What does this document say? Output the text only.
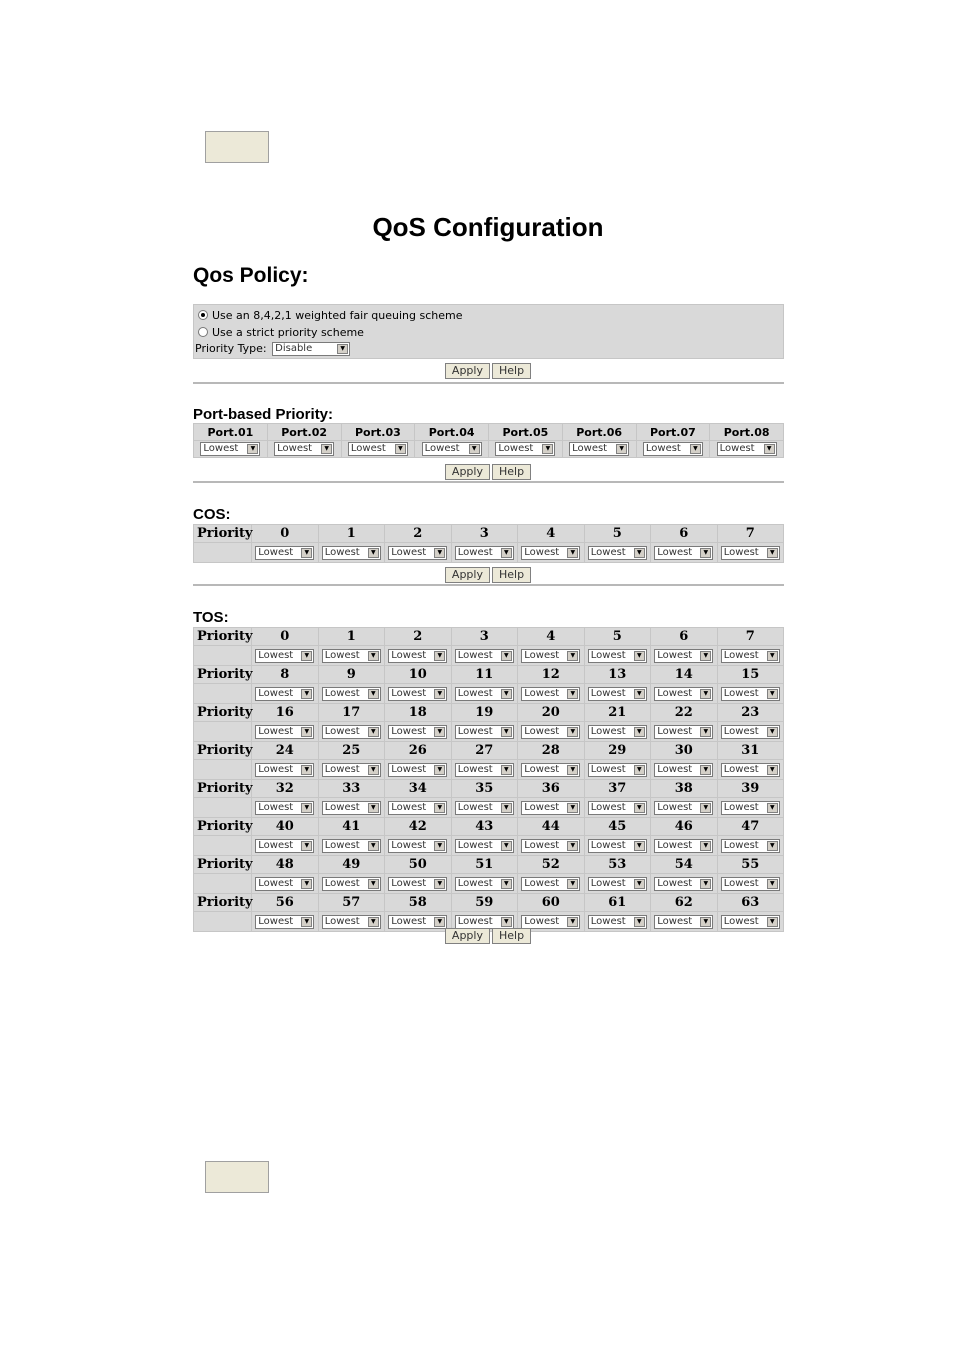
QoS Configuration
Qos Policy:
Use an 8,4,2,1 weighted fair queuing scheme
Use a strict priority scheme
Priority Type: Disable	▼
Apply Help
Port-based Priority:
Port.01	Port.02	Port.03	Port.04	Port.05	Port.06	Port.07	Port.08
Lowest ▼	Lowest ▼	Lowest ▼	Lowest ▼	Lowest ▼	Lowest ▼	Lowest ▼	Lowest ▼
Apply Help
COS:
Priority	0	1	2	3	4	5	6	7
	Lowest ▼	Lowest ▼	Lowest ▼	Lowest ▼	Lowest ▼	Lowest ▼	Lowest ▼	Lowest ▼
Apply Help
TOS:
Priority	0	1	2	3	4	5	6	7
	Lowest ▼	Lowest ▼	Lowest ▼	Lowest ▼	Lowest ▼	Lowest ▼	Lowest ▼	Lowest ▼

Priority	8	9	10	11	12	13	14	15
	Lowest ▼	Lowest ▼	Lowest ▼	Lowest ▼	Lowest ▼	Lowest ▼	Lowest ▼	Lowest ▼

Priority	16	17	18	19	20	21	22	23
	Lowest ▼	Lowest ▼	Lowest ▼	Lowest ▼	Lowest ▼	Lowest ▼	Lowest ▼	Lowest ▼

Priority	24	25	26	27	28	29	30	31
	Lowest ▼	Lowest ▼	Lowest ▼	Lowest ▼	Lowest ▼	Lowest ▼	Lowest ▼	Lowest ▼

Priority	32	33	34	35	36	37	38	39
	Lowest ▼	Lowest ▼	Lowest ▼	Lowest ▼	Lowest ▼	Lowest ▼	Lowest ▼	Lowest ▼

Priority	40	41	42	43	44	45	46	47
	Lowest ▼	Lowest ▼	Lowest ▼	Lowest ▼	Lowest ▼	Lowest ▼	Lowest ▼	Lowest ▼

Priority	48	49	50	51	52	53	54	55
	Lowest ▼	Lowest ▼	Lowest ▼	Lowest ▼	Lowest ▼	Lowest ▼	Lowest ▼	Lowest ▼

Priority	56	57	58	59	60	61	62	63
	Lowest ▼	Lowest ▼	Lowest ▼	Lowest ▼	Lowest ▼	Lowest ▼	Lowest ▼	Lowest ▼
Apply Help
